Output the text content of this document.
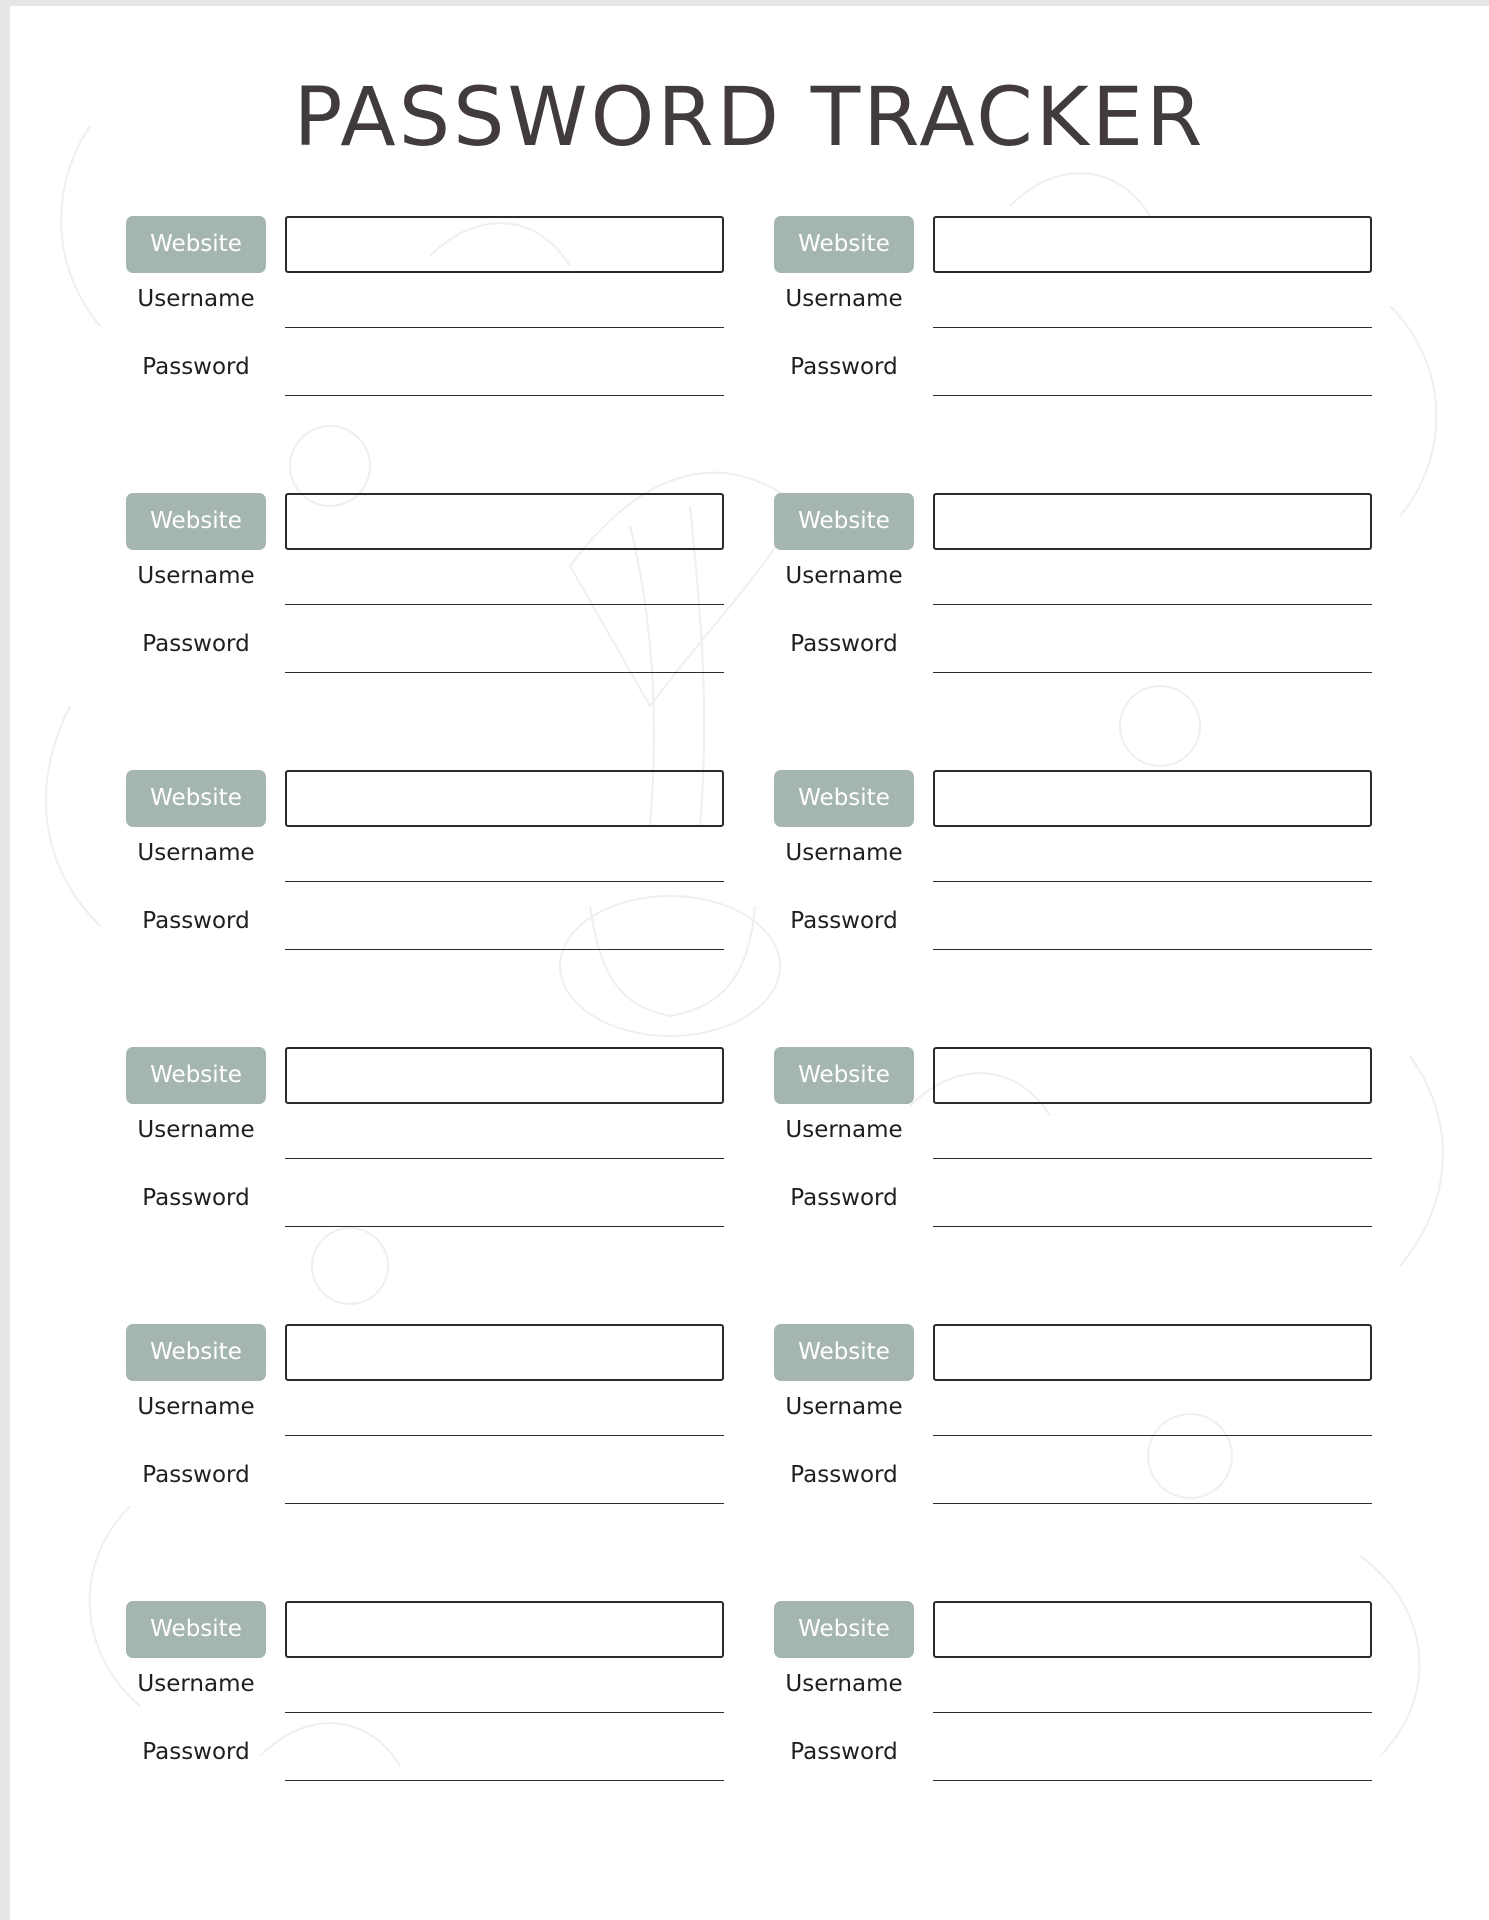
PASSWORD TRACKER
Website
Username
Password
Website
Username
Password
Website
Username
Password
Website
Username
Password
Website
Username
Password
Website
Username
Password
Website
Username
Password
Website
Username
Password
Website
Username
Password
Website
Username
Password
Website
Username
Password
Website
Username
Password
